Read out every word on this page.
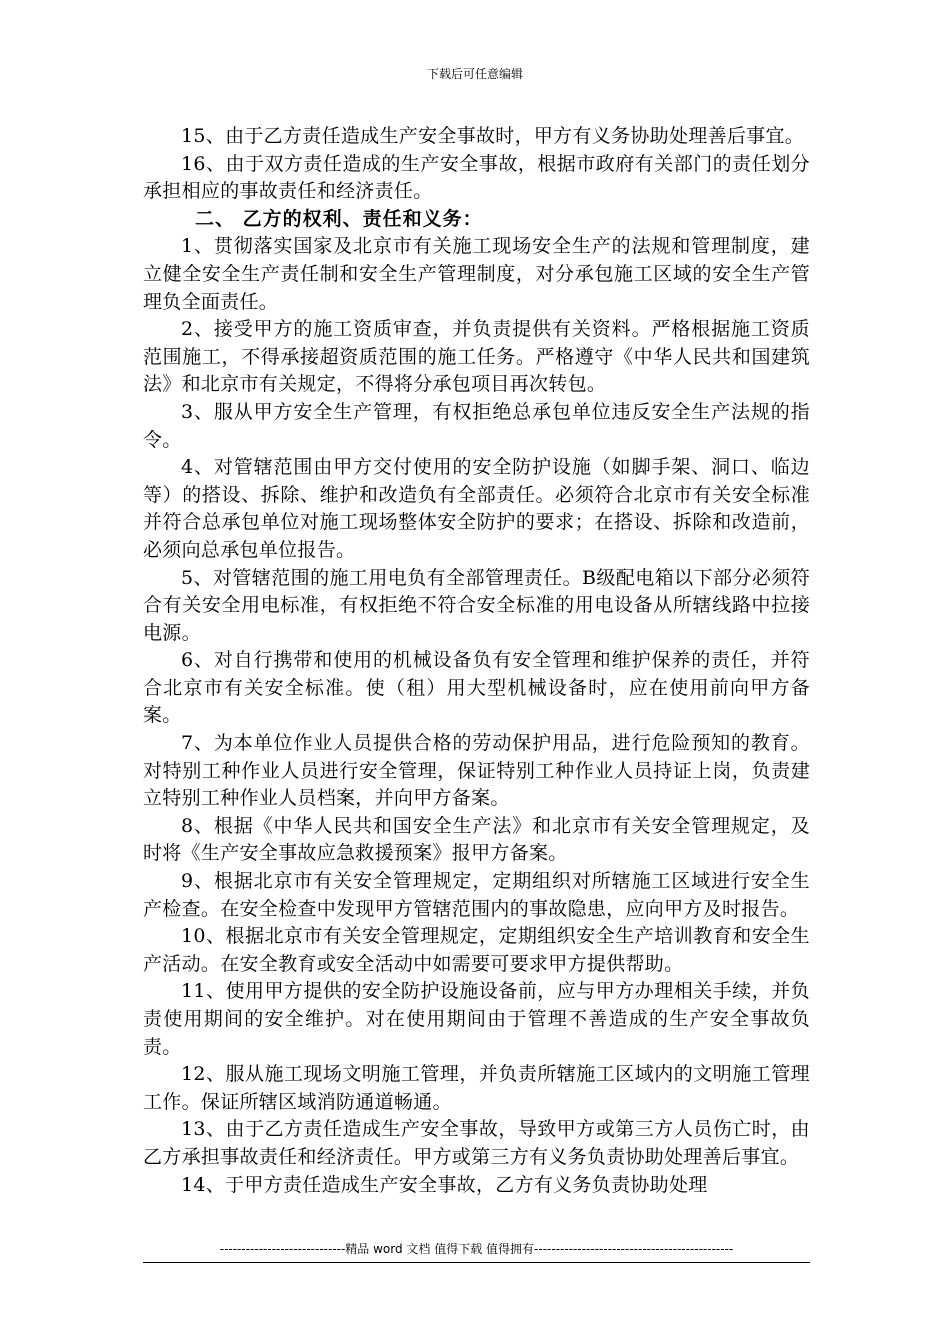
下载后可任意编辑

15、由于乙方责任造成生产安全事故时，甲方有义务协助处理善后事宜。

16、由于双方责任造成的生产安全事故，根据市政府有关部门的责任划分承担相应的事故责任和经济责任。

二、 乙方的权利、责任和义务：

1、贯彻落实国家及北京市有关施工现场安全生产的法规和管理制度，建立健全安全生产责任制和安全生产管理制度，对分承包施工区域的安全生产管理负全面责任。

2、接受甲方的施工资质审查，并负责提供有关资料。严格根据施工资质范围施工，不得承接超资质范围的施工任务。严格遵守《中华人民共和国建筑法》和北京市有关规定，不得将分承包项目再次转包。

3、服从甲方安全生产管理，有权拒绝总承包单位违反安全生产法规的指令。

4、对管辖范围由甲方交付使用的安全防护设施（如脚手架、洞口、临边等）的搭设、拆除、维护和改造负有全部责任。必须符合北京市有关安全标准并符合总承包单位对施工现场整体安全防护的要求；在搭设、拆除和改造前，必须向总承包单位报告。

5、对管辖范围的施工用电负有全部管理责任。B级配电箱以下部分必须符合有关安全用电标准，有权拒绝不符合安全标准的用电设备从所辖线路中拉接电源。

6、对自行携带和使用的机械设备负有安全管理和维护保养的责任，并符合北京市有关安全标准。使（租）用大型机械设备时，应在使用前向甲方备案。

7、为本单位作业人员提供合格的劳动保护用品，进行危险预知的教育。对特别工种作业人员进行安全管理，保证特别工种作业人员持证上岗，负责建立特别工种作业人员档案，并向甲方备案。

8、根据《中华人民共和国安全生产法》和北京市有关安全管理规定，及时将《生产安全事故应急救援预案》报甲方备案。

9、根据北京市有关安全管理规定，定期组织对所辖施工区域进行安全生产检查。在安全检查中发现甲方管辖范围内的事故隐患，应向甲方及时报告。

10、根据北京市有关安全管理规定，定期组织安全生产培训教育和安全生产活动。在安全教育或安全活动中如需要可要求甲方提供帮助。

11、使用甲方提供的安全防护设施设备前，应与甲方办理相关手续，并负责使用期间的安全维护。对在使用期间由于管理不善造成的生产安全事故负责。

12、服从施工现场文明施工管理，并负责所辖施工区域内的文明施工管理工作。保证所辖区域消防通道畅通。

13、由于乙方责任造成生产安全事故，导致甲方或第三方人员伤亡时，由乙方承担事故责任和经济责任。甲方或第三方有义务负责协助处理善后事宜。

14、于甲方责任造成生产安全事故，乙方有义务负责协助处理

-----------------------------精品 word 文档 值得下载 值得拥有----------------------------------------------
